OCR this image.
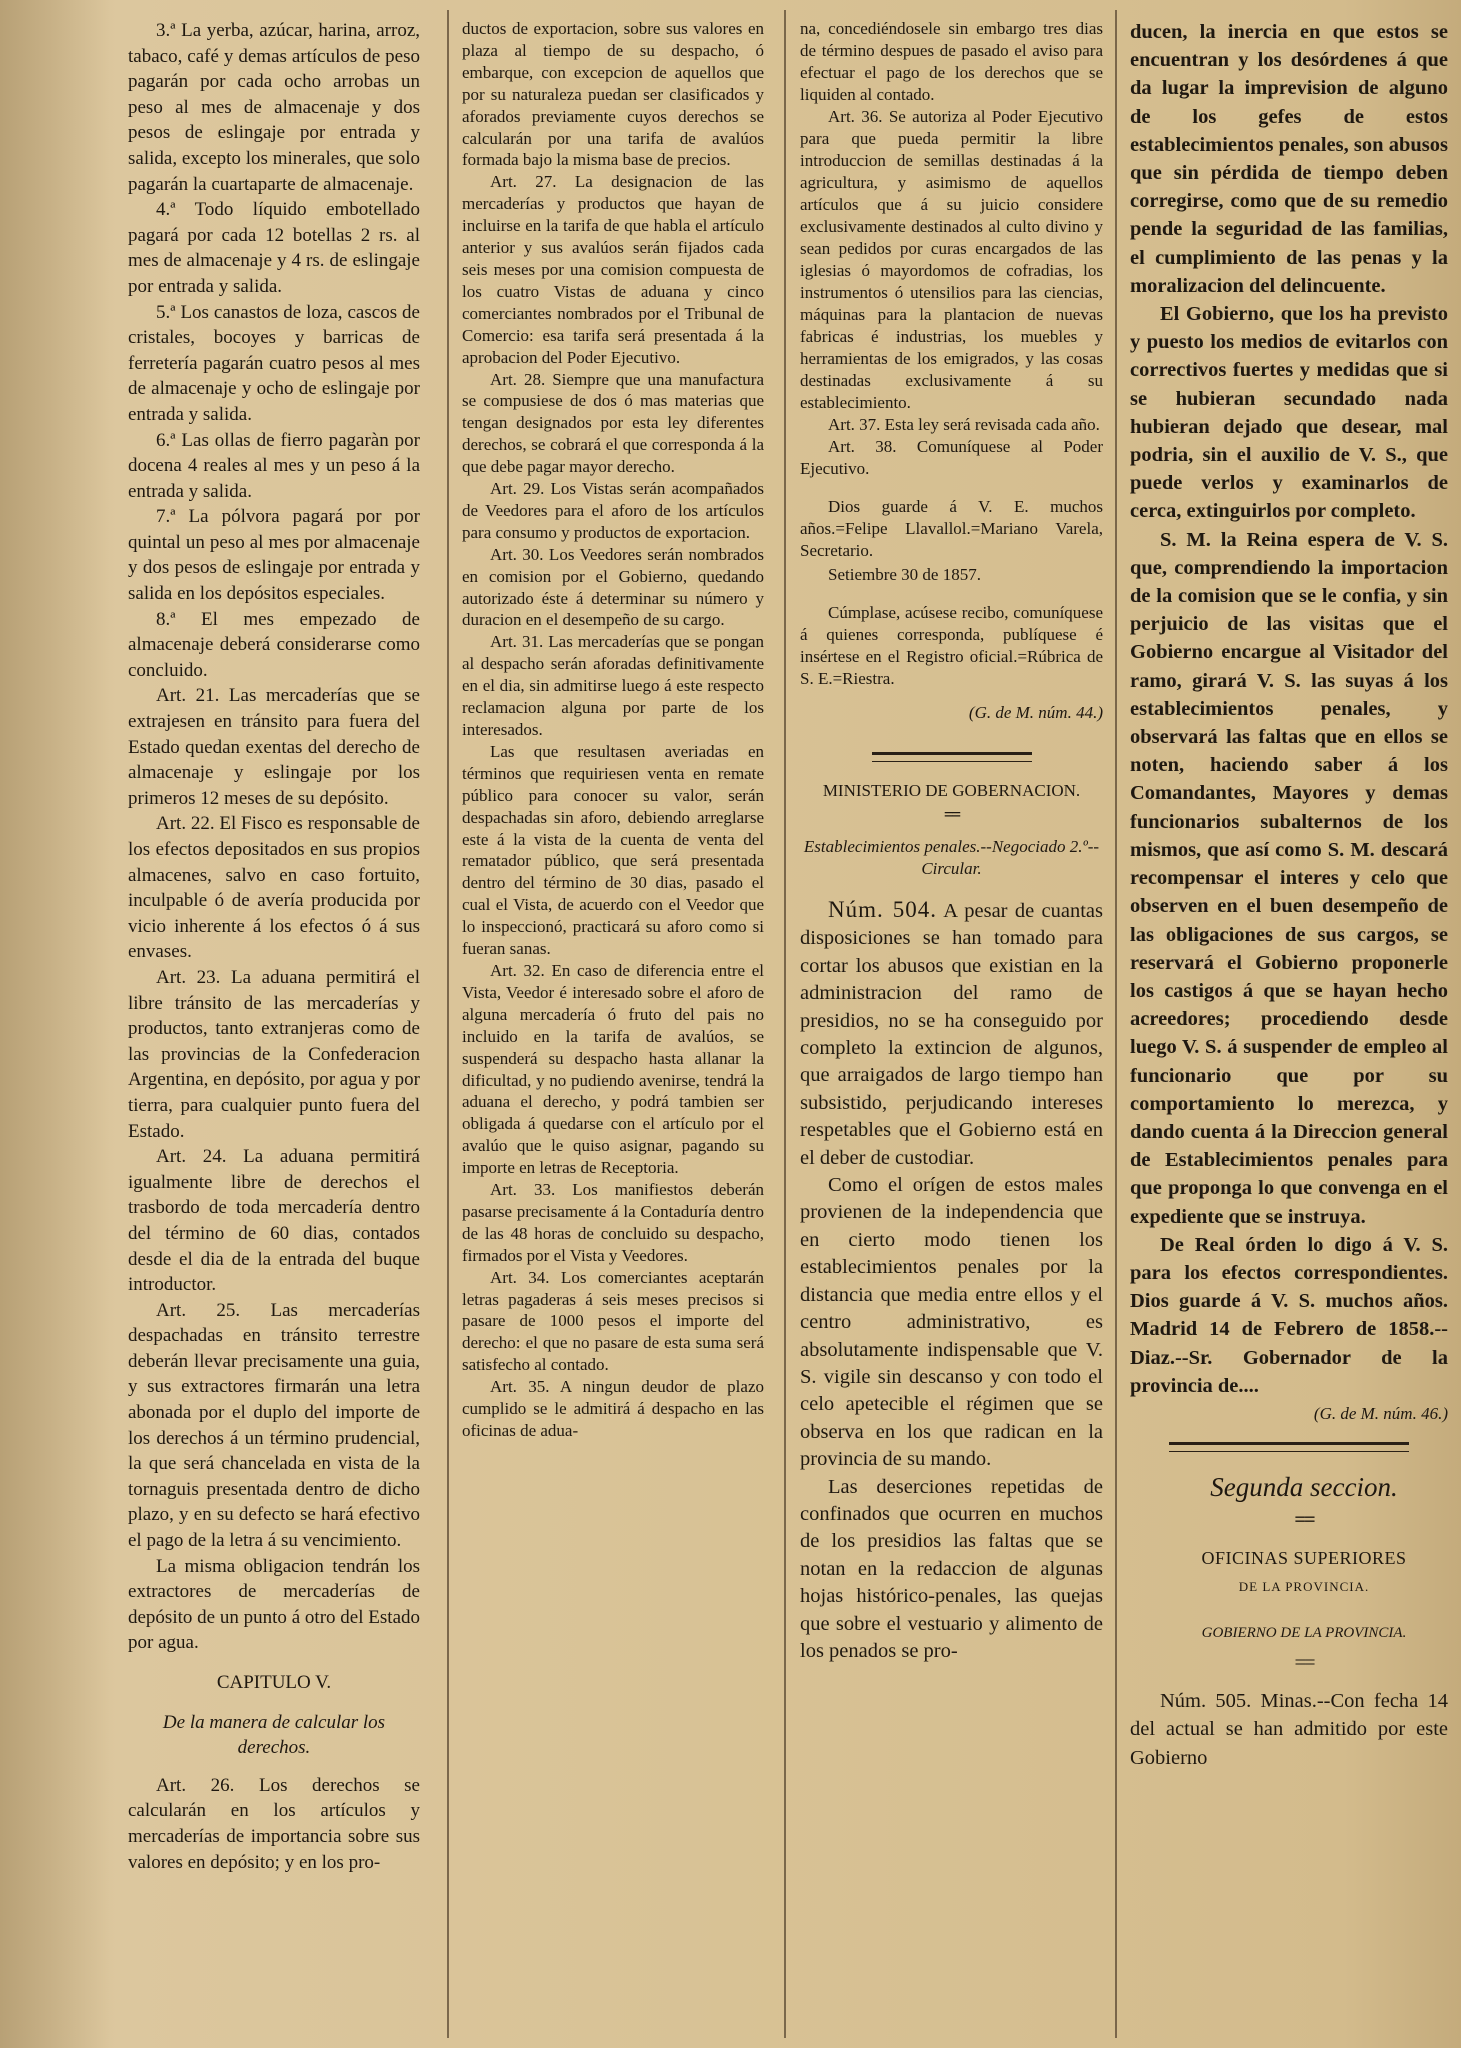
3.ª La yerba, azúcar, harina, arroz, tabaco, café y demas artículos de peso pagarán por cada ocho arrobas un peso al mes de almacenaje y dos pesos de eslingaje por entrada y salida, excepto los minerales, que solo pagarán la cuartaparte de almacenaje.

4.ª Todo líquido embotellado pagará por cada 12 botellas 2 rs. al mes de almacenaje y 4 rs. de eslingaje por entrada y salida.

5.ª Los canastos de loza, cascos de cristales, bocoyes y barricas de ferretería pagarán cuatro pesos al mes de almacenaje y ocho de eslingaje por entrada y salida.

6.ª Las ollas de fierro pagaràn por docena 4 reales al mes y un peso á la entrada y salida.

7.ª La pólvora pagará por por quintal un peso al mes por almacenaje y dos pesos de eslingaje por entrada y salida en los depósitos especiales.

8.ª El mes empezado de almacenaje deberá considerarse como concluido.

Art. 21. Las mercaderías que se extrajesen en tránsito para fuera del Estado quedan exentas del derecho de almacenaje y eslingaje por los primeros 12 meses de su depósito.

Art. 22. El Fisco es responsable de los efectos depositados en sus propios almacenes, salvo en caso fortuito, inculpable ó de avería producida por vicio inherente á los efectos ó á sus envases.

Art. 23. La aduana permitirá el libre tránsito de las mercaderías y productos, tanto extranjeras como de las provincias de la Confederacion Argentina, en depósito, por agua y por tierra, para cualquier punto fuera del Estado.

Art. 24. La aduana permitirá igualmente libre de derechos el trasbordo de toda mercadería dentro del término de 60 dias, contados desde el dia de la entrada del buque introductor.

Art. 25. Las mercaderías despachadas en tránsito terrestre deberán llevar precisamente una guia, y sus extractores firmarán una letra abonada por el duplo del importe de los derechos á un término prudencial, la que será chancelada en vista de la tornaguis presentada dentro de dicho plazo, y en su defecto se hará efectivo el pago de la letra á su vencimiento.

La misma obligacion tendrán los extractores de mercaderías de depósito de un punto á otro del Estado por agua.

CAPITULO V.

De la manera de calcular los derechos.

Art. 26. Los derechos se calcularán en los artículos y mercaderías de importancia sobre sus valores en depósito; y en los pro-

ductos de exportacion, sobre sus valores en plaza al tiempo de su despacho, ó embarque, con excepcion de aquellos que por su naturaleza puedan ser clasificados y aforados previamente cuyos derechos se calcularán por una tarifa de avalúos formada bajo la misma base de precios.

Art. 27. La designacion de las mercaderías y productos que hayan de incluirse en la tarifa de que habla el artículo anterior y sus avalúos serán fijados cada seis meses por una comision compuesta de los cuatro Vistas de aduana y cinco comerciantes nombrados por el Tribunal de Comercio: esa tarifa será presentada á la aprobacion del Poder Ejecutivo.

Art. 28. Siempre que una manufactura se compusiese de dos ó mas materias que tengan designados por esta ley diferentes derechos, se cobrará el que corresponda á la que debe pagar mayor derecho.

Art. 29. Los Vistas serán acompañados de Veedores para el aforo de los artículos para consumo y productos de exportacion.

Art. 30. Los Veedores serán nombrados en comision por el Gobierno, quedando autorizado éste á determinar su número y duracion en el desempeño de su cargo.

Art. 31. Las mercaderías que se pongan al despacho serán aforadas definitivamente en el dia, sin admitirse luego á este respecto reclamacion alguna por parte de los interesados.

Las que resultasen averiadas en términos que requiriesen venta en remate público para conocer su valor, serán despachadas sin aforo, debiendo arreglarse este á la vista de la cuenta de venta del rematador público, que será presentada dentro del término de 30 dias, pasado el cual el Vista, de acuerdo con el Veedor que lo inspeccionó, practicará su aforo como si fueran sanas.

Art. 32. En caso de diferencia entre el Vista, Veedor é interesado sobre el aforo de alguna mercadería ó fruto del pais no incluido en la tarifa de avalúos, se suspenderá su despacho hasta allanar la dificultad, y no pudiendo avenirse, tendrá la aduana el derecho, y podrá tambien ser obligada á quedarse con el artículo por el avalúo que le quiso asignar, pagando su importe en letras de Receptoria.

Art. 33. Los manifiestos deberán pasarse precisamente á la Contaduría dentro de las 48 horas de concluido su despacho, firmados por el Vista y Veedores.

Art. 34. Los comerciantes aceptarán letras pagaderas á seis meses precisos si pasare de 1000 pesos el importe del derecho: el que no pasare de esta suma será satisfecho al contado.

Art. 35. A ningun deudor de plazo cumplido se le admitirá á despacho en las oficinas de adua-

na, concediéndosele sin embargo tres dias de término despues de pasado el aviso para efectuar el pago de los derechos que se liquiden al contado.

Art. 36. Se autoriza al Poder Ejecutivo para que pueda permitir la libre introduccion de semillas destinadas á la agricultura, y asimismo de aquellos artículos que á su juicio considere exclusivamente destinados al culto divino y sean pedidos por curas encargados de las iglesias ó mayordomos de cofradias, los instrumentos ó utensilios para las ciencias, máquinas para la plantacion de nuevas fabricas é industrias, los muebles y herramientas de los emigrados, y las cosas destinadas exclusivamente á su establecimiento.

Art. 37. Esta ley será revisada cada año.

Art. 38. Comuníquese al Poder Ejecutivo.

Dios guarde á V. E. muchos años.=Felipe Llavallol.=Mariano Varela, Secretario.

Setiembre 30 de 1857.

Cúmplase, acúsese recibo, comuníquese á quienes corresponda, publíquese é insértese en el Registro oficial.=Rúbrica de S. E.=Riestra.

(G. de M. núm. 44.)

MINISTERIO DE GOBERNACION.

==

Establecimientos penales.--Negociado 2.º--Circular.

Núm. 504. A pesar de cuantas disposiciones se han tomado para cortar los abusos que existian en la administracion del ramo de presidios, no se ha conseguido por completo la extincion de algunos, que arraigados de largo tiempo han subsistido, perjudicando intereses respetables que el Gobierno está en el deber de custodiar.

Como el orígen de estos males provienen de la independencia que en cierto modo tienen los establecimientos penales por la distancia que media entre ellos y el centro administrativo, es absolutamente indispensable que V. S. vigile sin descanso y con todo el celo apetecible el régimen que se observa en los que radican en la provincia de su mando.

Las deserciones repetidas de confinados que ocurren en muchos de los presidios las faltas que se notan en la redaccion de algunas hojas histórico-penales, las quejas que sobre el vestuario y alimento de los penados se pro-

ducen, la inercia en que estos se encuentran y los desórdenes á que da lugar la imprevision de alguno de los gefes de estos establecimientos penales, son abusos que sin pérdida de tiempo deben corregirse, como que de su remedio pende la seguridad de las familias, el cumplimiento de las penas y la moralizacion del delincuente.

El Gobierno, que los ha previsto y puesto los medios de evitarlos con correctivos fuertes y medidas que si se hubieran secundado nada hubieran dejado que desear, mal podria, sin el auxilio de V. S., que puede verlos y examinarlos de cerca, extinguirlos por completo.

S. M. la Reina espera de V. S. que, comprendiendo la importacion de la comision que se le confia, y sin perjuicio de las visitas que el Gobierno encargue al Visitador del ramo, girará V. S. las suyas á los establecimientos penales, y observará las faltas que en ellos se noten, haciendo saber á los Comandantes, Mayores y demas funcionarios subalternos de los mismos, que así como S. M. descará recompensar el interes y celo que observen en el buen desempeño de las obligaciones de sus cargos, se reservará el Gobierno proponerle los castigos á que se hayan hecho acreedores; procediendo desde luego V. S. á suspender de empleo al funcionario que por su comportamiento lo merezca, y dando cuenta á la Direccion general de Establecimientos penales para que proponga lo que convenga en el expediente que se instruya.

De Real órden lo digo á V. S. para los efectos correspondientes. Dios guarde á V. S. muchos años. Madrid 14 de Febrero de 1858.--Diaz.--Sr. Gobernador de la provincia de....

(G. de M. núm. 46.)

Segunda seccion.

==

OFICINAS SUPERIORES

DE LA PROVINCIA.

GOBIERNO DE LA PROVINCIA.

==

Núm. 505. Minas.--Con fecha 14 del actual se han admitido por este Gobierno
